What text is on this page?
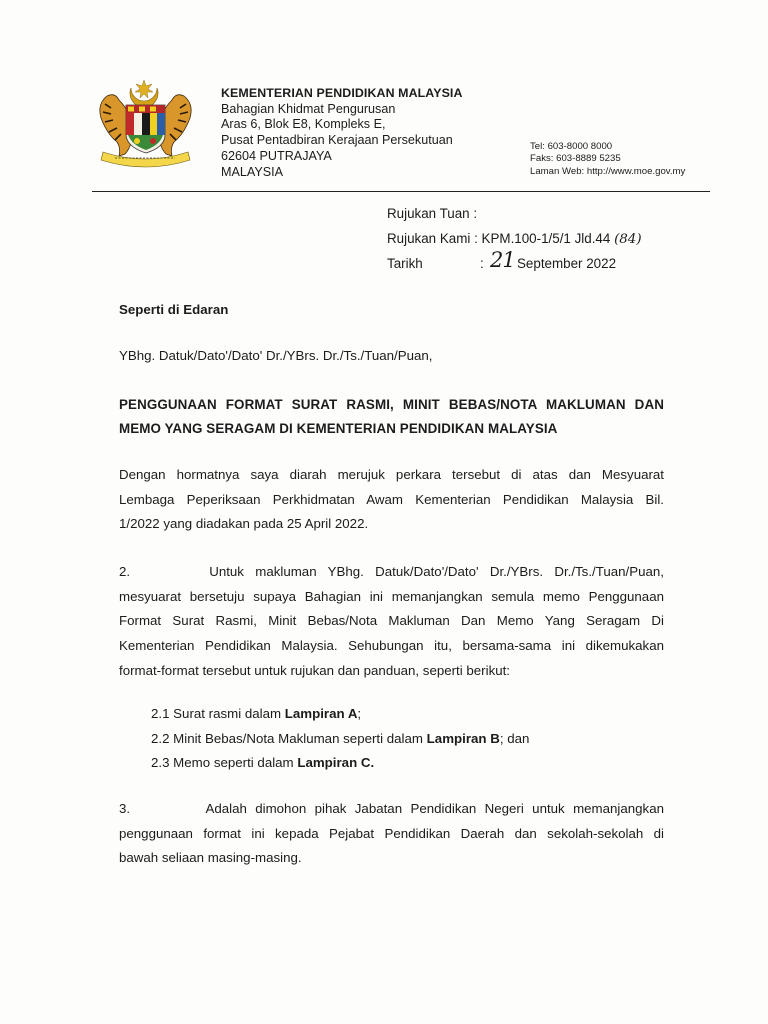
KEMENTERIAN PENDIDIKAN MALAYSIA
Bahagian Khidmat Pengurusan
Aras 6, Blok E8, Kompleks E,
Pusat Pentadbiran Kerajaan Persekutuan
62604 PUTRAJAYA
MALAYSIA
Tel: 603-8000 8000
Faks: 603-8889 5235
Laman Web: http://www.moe.gov.my
Rujukan Tuan :
Rujukan Kami : KPM.100-1/5/1 Jld.44 (84)
Tarikh	: 21 September 2022
Seperti di Edaran
YBhg. Datuk/Dato'/Dato' Dr./YBrs. Dr./Ts./Tuan/Puan,
PENGGUNAAN FORMAT SURAT RASMI, MINIT BEBAS/NOTA MAKLUMAN DAN
MEMO YANG SERAGAM DI KEMENTERIAN PENDIDIKAN MALAYSIA
Dengan hormatnya saya diarah merujuk perkara tersebut di atas dan Mesyuarat
Lembaga Peperiksaan Perkhidmatan Awam Kementerian Pendidikan Malaysia Bil.
1/2022 yang diadakan pada 25 April 2022.
2.	Untuk makluman YBhg. Datuk/Dato'/Dato' Dr./YBrs. Dr./Ts./Tuan/Puan,
mesyuarat bersetuju supaya Bahagian ini memanjangkan semula memo Penggunaan
Format Surat Rasmi, Minit Bebas/Nota Makluman Dan Memo Yang Seragam Di
Kementerian Pendidikan Malaysia. Sehubungan itu, bersama-sama ini dikemukakan
format-format tersebut untuk rujukan dan panduan, seperti berikut:
2.1 Surat rasmi dalam Lampiran A;
2.2 Minit Bebas/Nota Makluman seperti dalam Lampiran B; dan
2.3 Memo seperti dalam Lampiran C.
3.	Adalah dimohon pihak Jabatan Pendidikan Negeri untuk memanjangkan
penggunaan format ini kepada Pejabat Pendidikan Daerah dan sekolah-sekolah di
bawah seliaan masing-masing.
